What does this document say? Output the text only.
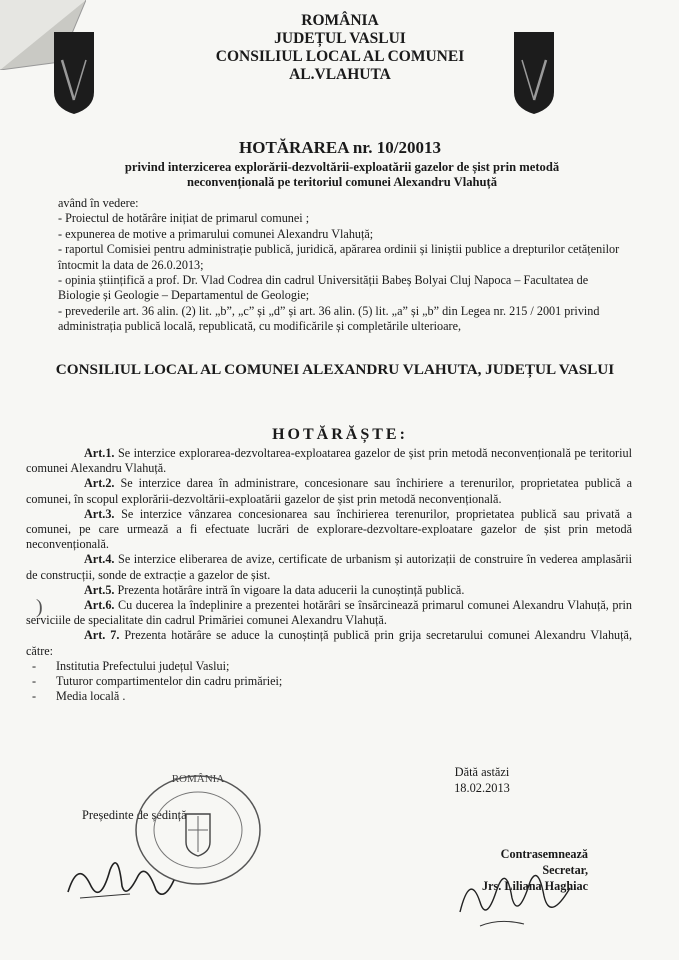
ROMÂNIA
JUDEȚUL VASLUI
CONSILIUL LOCAL AL COMUNEI
AL.VLAHUTA
HOTĂRAREA nr. 10/20013
privind interzicerea explorării-dezvoltării-exploatării gazelor de șist prin metodă neconvențională pe teritoriul comunei Alexandru Vlahuță

având în vedere:

- Proiectul de hotărâre inițiat de primarul comunei ;

- expunerea de motive a primarului comunei Alexandru Vlahuță;

- raportul Comisiei pentru administrație publică, juridică, apărarea ordinii și liniștii publice a drepturilor cetățenilor întocmit la data de 26.0.2013;

- opinia științifică a prof. Dr. Vlad Codrea din cadrul Universității Babeș Bolyai Cluj Napoca – Facultatea de Biologie și Geologie – Departamentul de Geologie;

- prevederile art. 36 alin. (2) lit. „b”, „c” și „d” și art. 36 alin. (5) lit. „a” și „b” din Legea nr. 215 / 2001 privind administrația publică locală, republicată, cu modificările și completările ulterioare,

CONSILIUL LOCAL AL COMUNEI ALEXANDRU VLAHUTA, JUDEȚUL VASLUI
HOTĂRĂȘTE:

Art.1. Se interzice explorarea-dezvoltarea-exploatarea gazelor de șist prin metodă neconvențională pe teritoriul comunei Alexandru Vlahuță.

Art.2. Se interzice darea în administrare, concesionare sau închiriere a terenurilor, proprietatea publică a comunei, în scopul explorării-dezvoltării-exploatării gazelor de șist prin metodă neconvențională.

Art.3. Se interzice vânzarea concesionarea sau închirierea terenurilor, proprietatea publică sau privată a comunei, pe care urmează a fi efectuate lucrări de explorare-dezvoltare-exploatare gazelor de șist prin metodă neconvențională.

Art.4. Se interzice eliberarea de avize, certificate de urbanism și autorizații de construire în vederea amplasării de construcții, sonde de extracție a gazelor de șist.

Art.5. Prezenta hotărâre intră în vigoare la data aducerii la cunoștință publică.

Art.6. Cu ducerea la îndeplinire a prezentei hotărâri se însărcinează primarul comunei Alexandru Vlahuță, prin serviciile de specialitate din cadrul Primăriei comunei Alexandru Vlahuță.

Art. 7. Prezenta hotărâre se aduce la cunoștință publică prin grija secretarului comunei Alexandru Vlahuță, către:

- Institutia Prefectului județul Vaslui;
- Tuturor compartimentelor din cadru primăriei;
- Media locală .
)
Dătă astăzi
18.02.2013
Președinte de ședință
ROMÂNIA
Contrasemnează
Secretar,
Jrs. Liliana Haghiac
